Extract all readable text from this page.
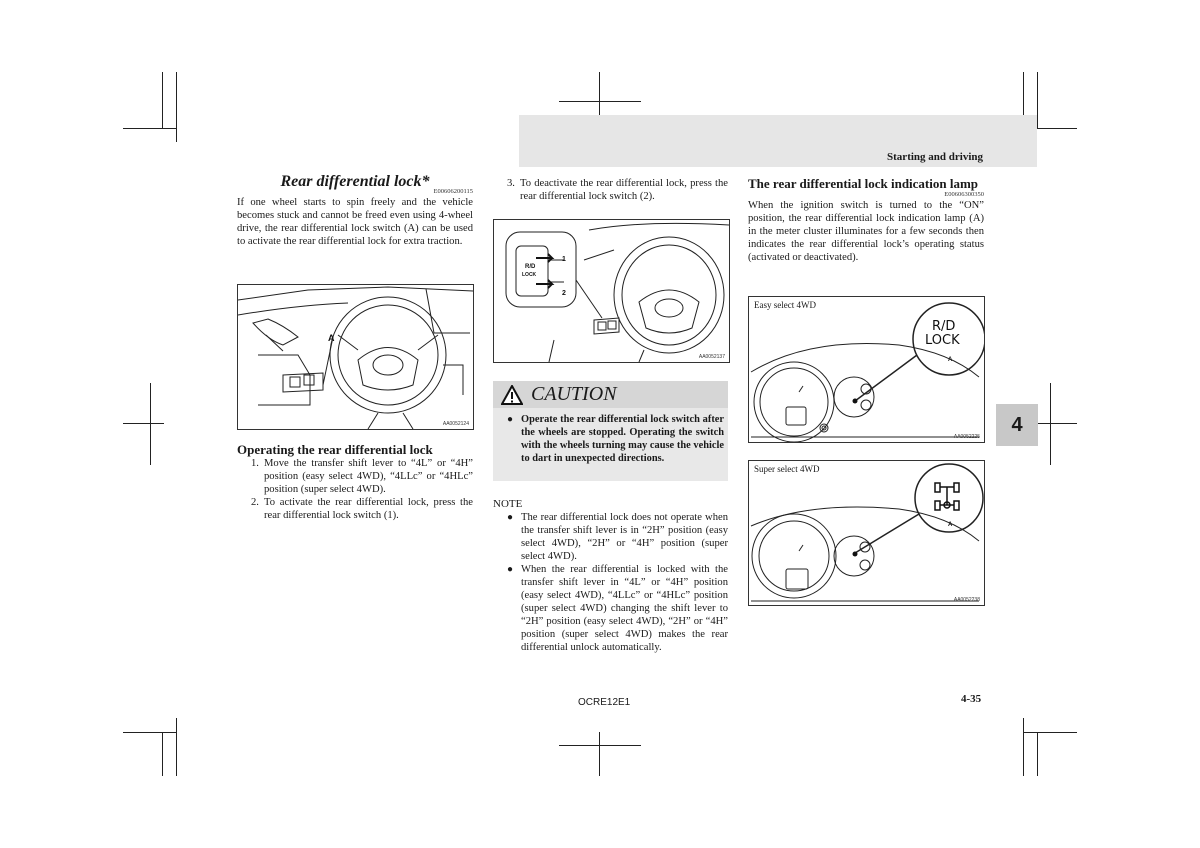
Starting and driving
4
Rear differential lock*
E00606200115

If one wheel starts to spin freely and the vehicle becomes stuck and cannot be freed even using 4-wheel drive, the rear differential lock switch (A) can be used to activate the rear differential lock for extra traction.

A
AA0052124
Operating the rear differential lock
1. Move the transfer shift lever to “4L” or “4H” position (easy select 4WD), “4LLc” or “4HLc” position (super select 4WD).
2. To activate the rear differential lock, press the rear differential lock switch (1).
3. To deactivate the rear differential lock, press the rear differential lock switch (2).
R/D
LOCK
1
2
AA0052137
CAUTION
● Operate the rear differential lock switch after the wheels are stopped. Operating the switch with the wheels turning may cause the vehicle to dart in unexpected directions.
NOTE
● The rear differential lock does not operate when the transfer shift lever is in “2H” position (easy select 4WD), “2H” or “4H” position (super select 4WD).
● When the rear differential is locked with the transfer shift lever in “4L” or “4H” position (easy select 4WD), “4LLc” or “4HLc” position (super select 4WD) changing the shift lever to “2H” position (easy select 4WD), “2H” or “4H” position (super select 4WD) makes the rear differential unlock automatically.
The rear differential lock indication lamp
E00606300350

When the ignition switch is turned to the “ON” position, the rear differential lock indication lamp (A) in the meter cluster illuminates for a few seconds then indicates the rear differential lock’s operating status (activated or deactivated).

Easy select 4WD
R/D
LOCK
A
AA0052225
Super select 4WD
A
AA0052238
OCRE12E1	4-35
